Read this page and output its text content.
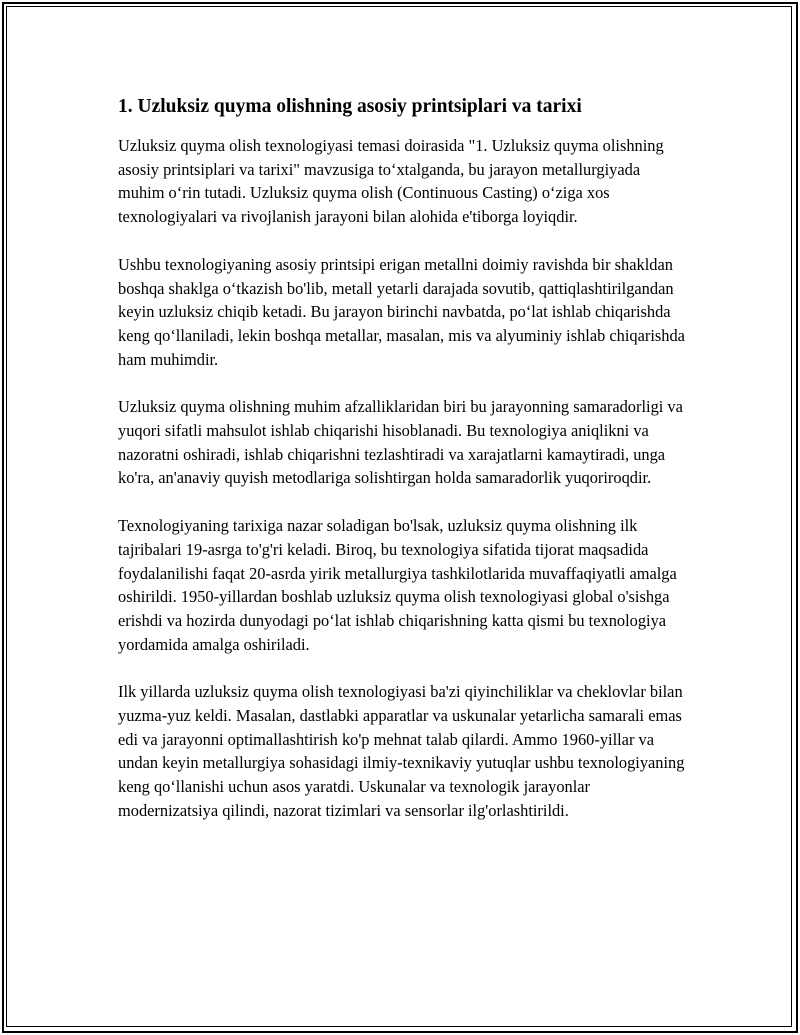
1. Uzluksiz quyma olishning asosiy printsiplari va tarixi

Uzluksiz quyma olish texnologiyasi temasi doirasida "1. Uzluksiz quyma olishning asosiy printsiplari va tarixi" mavzusiga toʻxtalganda, bu jarayon metallurgiyada muhim oʻrin tutadi. Uzluksiz quyma olish (Continuous Casting) oʻziga xos texnologiyalari va rivojlanish jarayoni bilan alohida e'tiborga loyiqdir.

Ushbu texnologiyaning asosiy printsipi erigan metallni doimiy ravishda bir shakldan boshqa shaklga oʻtkazish bo'lib, metall yetarli darajada sovutib, qattiqlashtirilgandan keyin uzluksiz chiqib ketadi. Bu jarayon birinchi navbatda, poʻlat ishlab chiqarishda keng qoʻllaniladi, lekin boshqa metallar, masalan, mis va alyuminiy ishlab chiqarishda ham muhimdir.

Uzluksiz quyma olishning muhim afzalliklaridan biri bu jarayonning samaradorligi va yuqori sifatli mahsulot ishlab chiqarishi hisoblanadi. Bu texnologiya aniqlikni va nazoratni oshiradi, ishlab chiqarishni tezlashtiradi va xarajatlarni kamaytiradi, unga ko'ra, an'anaviy quyish metodlariga solishtirgan holda samaradorlik yuqoriroqdir.

Texnologiyaning tarixiga nazar soladigan bo'lsak, uzluksiz quyma olishning ilk tajribalari 19-asrga to'g'ri keladi. Biroq, bu texnologiya sifatida tijorat maqsadida foydalanilishi faqat 20-asrda yirik metallurgiya tashkilotlarida muvaffaqiyatli amalga oshirildi. 1950-yillardan boshlab uzluksiz quyma olish texnologiyasi global o'sishga erishdi va hozirda dunyodagi poʻlat ishlab chiqarishning katta qismi bu texnologiya yordamida amalga oshiriladi.

Ilk yillarda uzluksiz quyma olish texnologiyasi ba'zi qiyinchiliklar va cheklovlar bilan yuzma-yuz keldi. Masalan, dastlabki apparatlar va uskunalar yetarlicha samarali emas edi va jarayonni optimallashtirish ko'p mehnat talab qilardi. Ammo 1960-yillar va undan keyin metallurgiya sohasidagi ilmiy-texnikaviy yutuqlar ushbu texnologiyaning keng qoʻllanishi uchun asos yaratdi. Uskunalar va texnologik jarayonlar modernizatsiya qilindi, nazorat tizimlari va sensorlar ilg'orlashtirildi.
